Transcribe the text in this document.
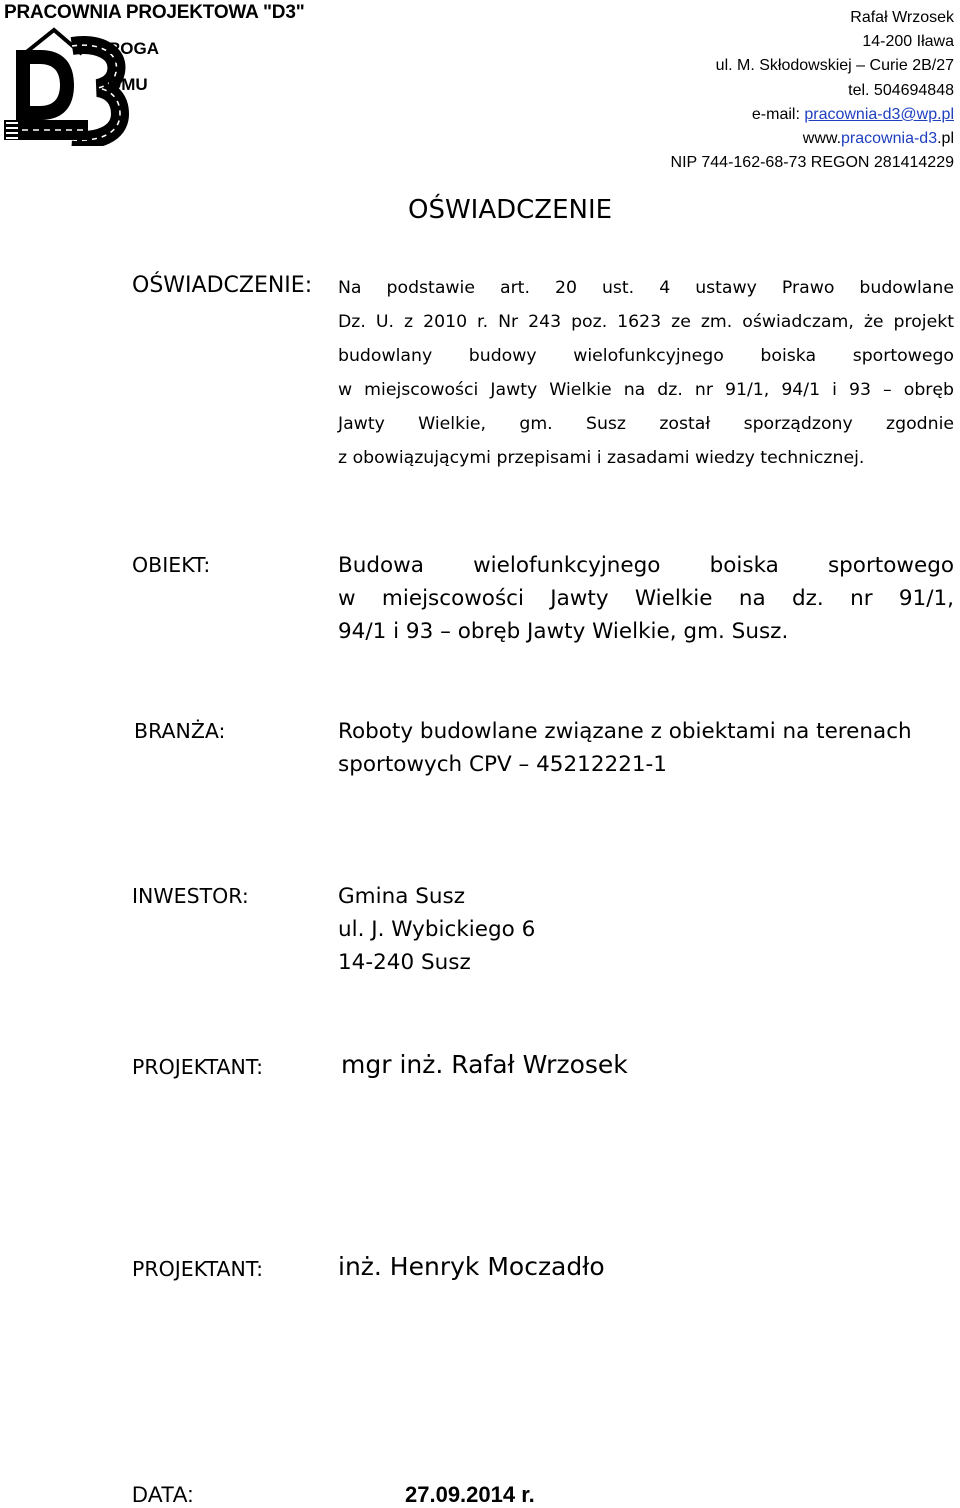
PRACOWNIA PROJEKTOWA "D3"
ROGA
O
OMU
Rafał Wrzosek
14-200 Iława
ul. M. Skłodowskiej – Curie 2B/27
tel. 504694848
e-mail: pracownia-d3@wp.pl
www.pracownia-d3.pl
NIP 744-162-68-73 REGON 281414229
OŚWIADCZENIE
OŚWIADCZENIE: Na podstawie art. 20 ust. 4 ustawy Prawo budowlane
Dz. U. z 2010 r. Nr 243 poz. 1623 ze zm. oświadczam, że projekt
budowlany budowy wielofunkcyjnego boiska sportowego
w miejscowości Jawty Wielkie na dz. nr 91/1, 94/1 i 93 – obręb
Jawty Wielkie, gm. Susz został sporządzony zgodnie
z obowiązującymi przepisami i zasadami wiedzy technicznej.
OBIEKT:	Budowa wielofunkcyjnego boiska sportowego
w miejscowości Jawty Wielkie na dz. nr 91/1,
94/1 i 93 – obręb Jawty Wielkie, gm. Susz.
BRANŻA:	Roboty budowlane związane z obiektami na terenach
sportowych CPV – 45212221-1
INWESTOR:	Gmina Susz
ul. J. Wybickiego 6
14-240 Susz
PROJEKTANT:	mgr inż. Rafał Wrzosek
PROJEKTANT:	inż. Henryk Moczadło
DATA:	27.09.2014 r.
